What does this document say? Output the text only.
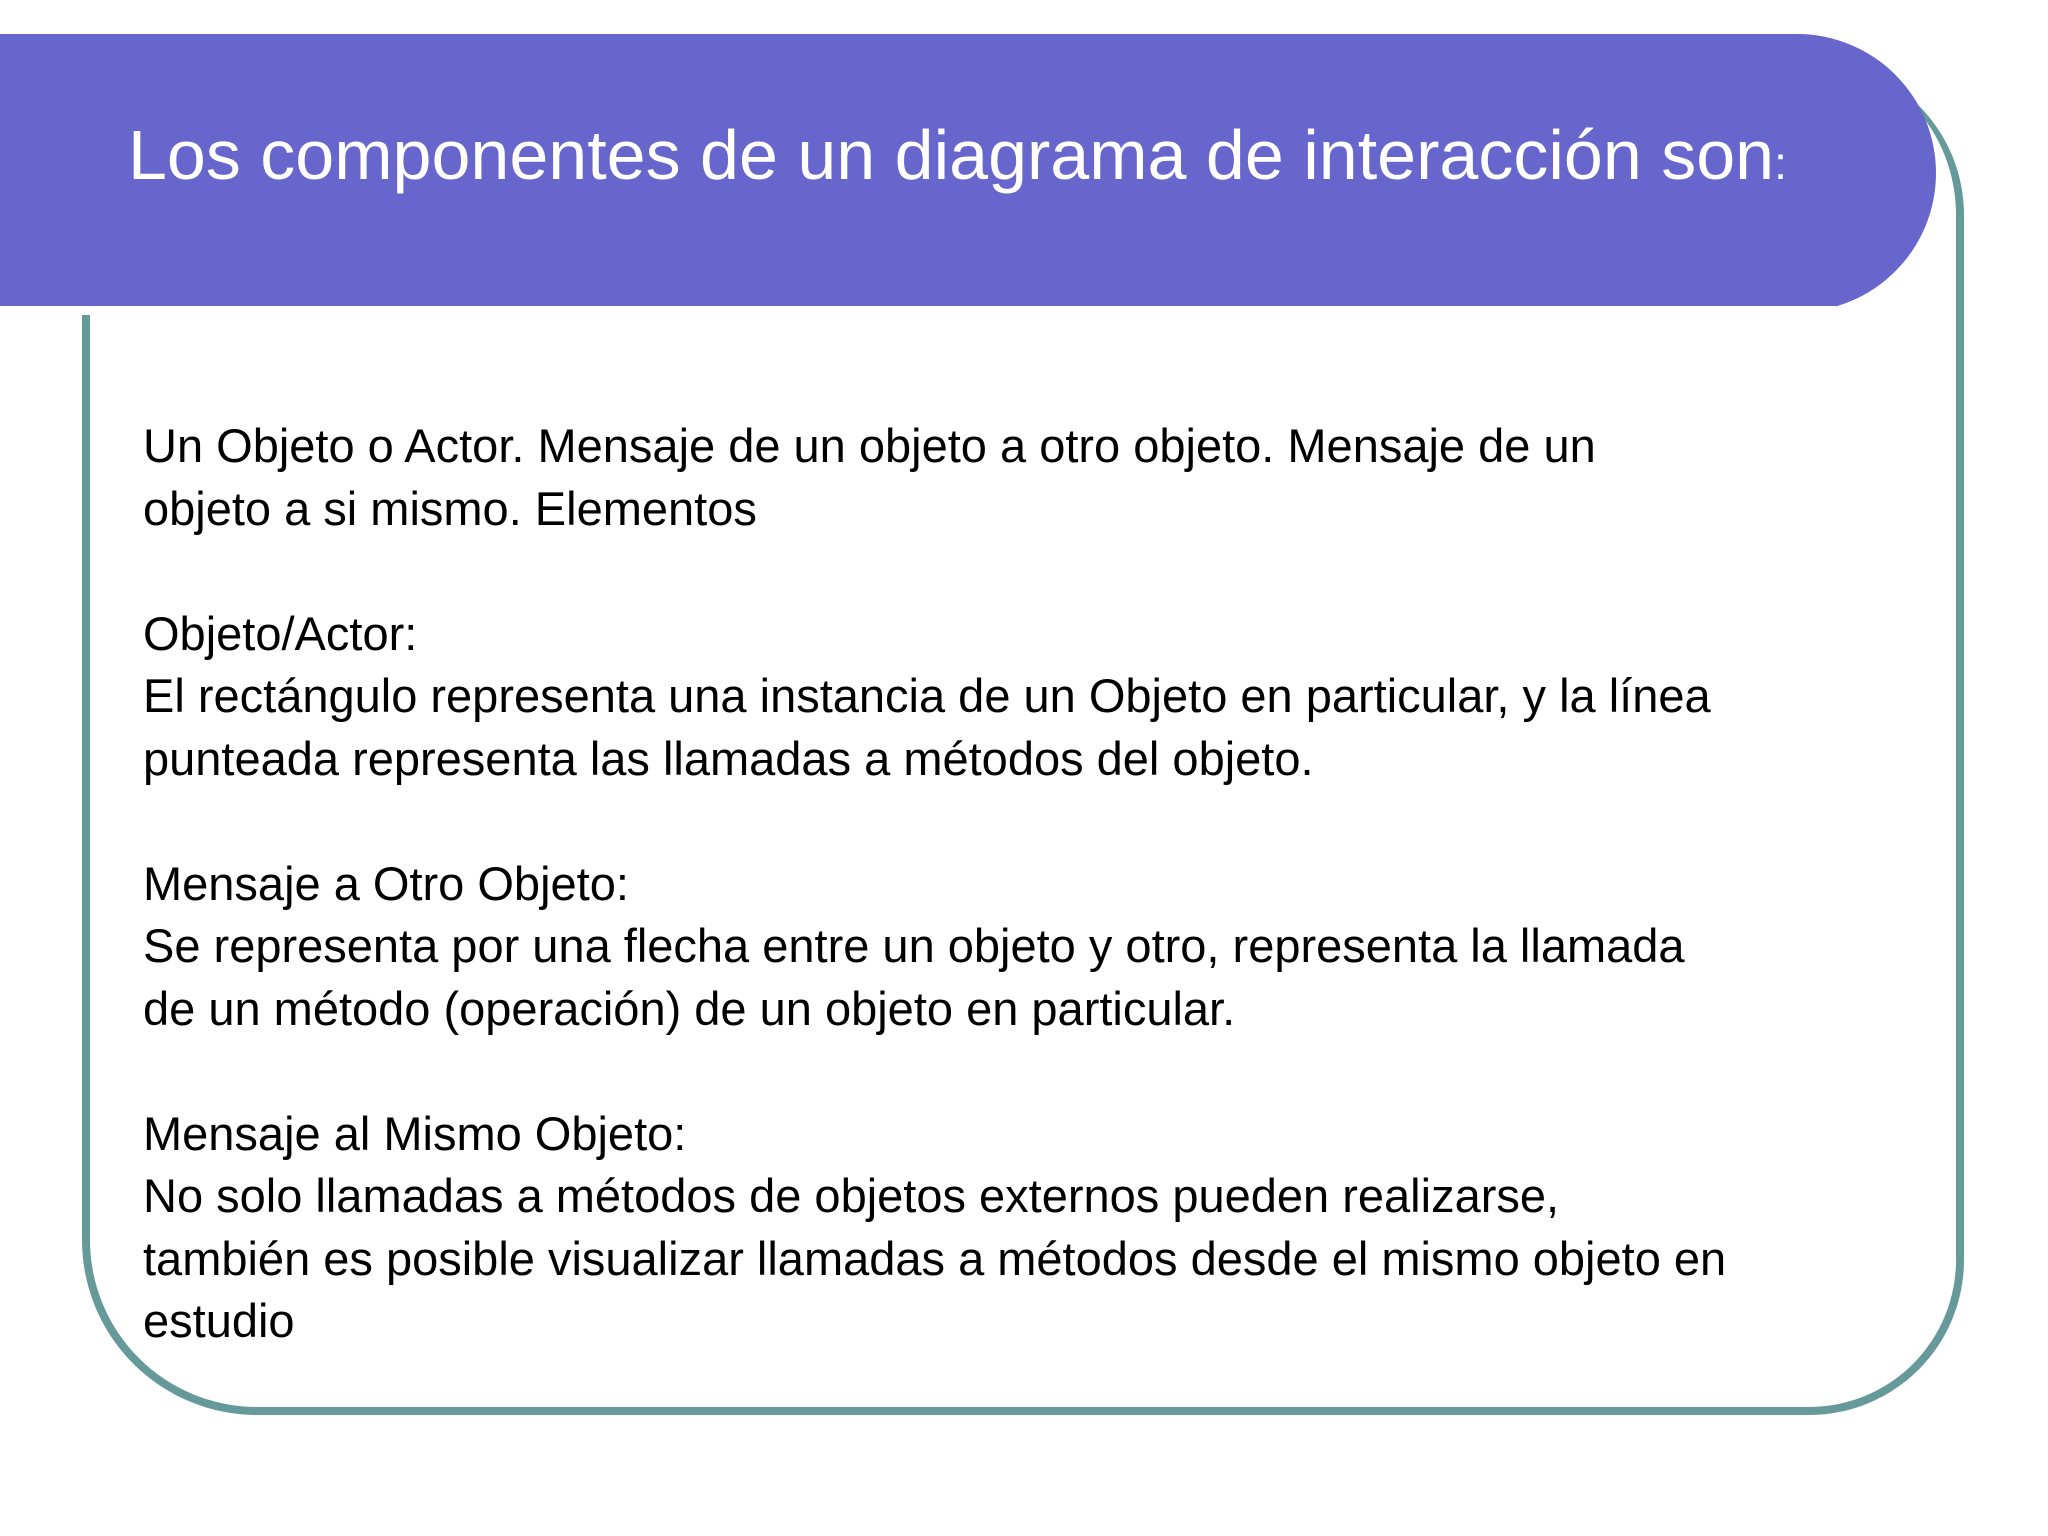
Los componentes de un diagrama de interacción son:

Un Objeto o Actor. Mensaje de un objeto a otro objeto. Mensaje de un
objeto a si mismo. Elementos

Objeto/Actor:
El rectángulo representa una instancia de un Objeto en particular, y la línea
punteada representa las llamadas a métodos del objeto.

Mensaje a Otro Objeto:
Se representa por una flecha entre un objeto y otro, representa la llamada
de un método (operación) de un objeto en particular.

Mensaje al Mismo Objeto:
No solo llamadas a métodos de objetos externos pueden realizarse,
también es posible visualizar llamadas a métodos desde el mismo objeto en
estudio
